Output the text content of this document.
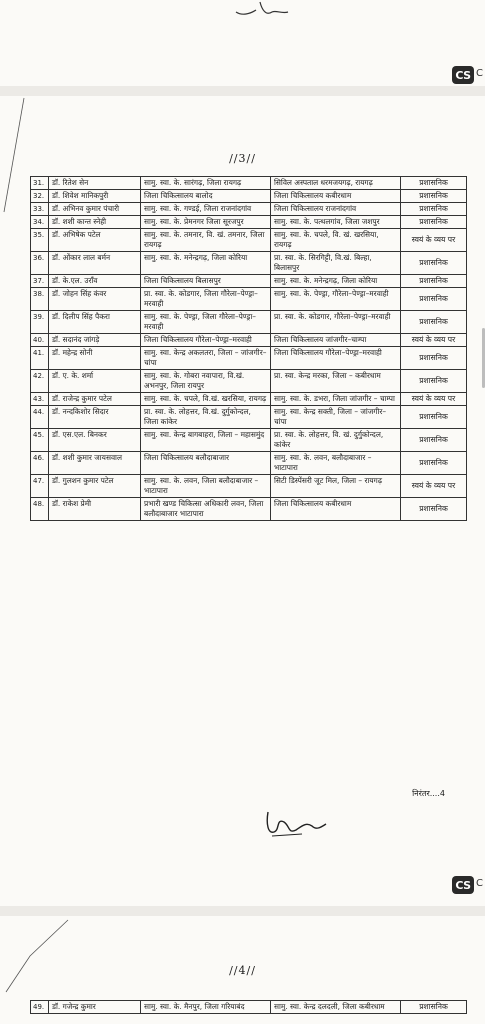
CS C
//3//
31.	डॉ. रितेश सेन	सामु. स्वा. के. सारंगढ़, जिला रायगढ़	सिविल अस्पताल धरमजयगढ़, रायगढ़	प्रशासनिक
32.	डॉ. शिवेश मानिकपुरी	जिला चिकित्सालय बालोद	जिला चिकित्सालय कबीरधाम	प्रशासनिक
33.	डॉ. अभिनव कुमार पंचारी	सामु. स्वा. के. गण्डई, जिला राजनांदगांव	जिला चिकित्सालय राजनांदगांव	प्रशासनिक
34.	डॉ. शशी कान्त स्नेही	सामु. स्वा. के. प्रेमनगर जिला सूरजपुर	सामु. स्वा. के. पत्थलगांव, जिला जशपुर	प्रशासनिक
35.	डॉ. अभिषेक पटेल	सामु. स्वा. के. तमनार, वि. खं. तमनार, जिला रायगढ़	सामु. स्वा. के. चपले, वि. खं. खरसिया, रायगढ़	स्वयं के व्यय पर
36.	डॉ. ओंकार लाल बर्मन	सामु. स्वा. के. मनेन्द्रगढ़, जिला कोरिया	प्रा. स्वा. के. सिरगिट्टी, वि.खं. बिल्हा, बिलासपुर	प्रशासनिक
37.	डॉ. के.एल. उराँव	जिला चिकित्सालय बिलासपुर	सामु. स्वा. के. मनेन्द्रगढ़, जिला कोरिया	प्रशासनिक
38.	डॉ. जोहन सिंह कंवर	प्रा. स्वा. के. कोडगार, जिला गौरेला–पेण्ड्रा–मरवाही	सामु. स्वा. के. पेण्ड्रा, गौरेला–पेण्ड्रा–मरवाही	प्रशासनिक
39.	डॉ. दिलीप सिंह पैकरा	सामु. स्वा. के. पेण्ड्रा, जिला गौरेला–पेण्ड्रा–मरवाही	प्रा. स्वा. के. कोडगार, गौरेला–पेण्ड्रा–मरवाही	प्रशासनिक
40.	डॉ. सदानंद जांगड़े	जिला चिकित्सालय गौरेला–पेण्ड्रा–मरवाही	जिला चिकित्सालय जांजगीर–चाम्पा	स्वयं के व्यय पर
41.	डॉ. महेन्द्र सोनी	सामु. स्वा. केन्द्र अकलतरा, जिला – जांजगीर–चांपा	जिला चिकित्सालय गौरेला–पेण्ड्रा–मरवाही	प्रशासनिक
42.	डॉ. ए. के. शर्मा	सामु. स्वा. के. गोबरा नवापारा, वि.खं. अभनपुर, जिला रायपुर	प्रा. स्वा. केन्द्र मरका, जिला – कबीरधाम	प्रशासनिक
43.	डॉ. राजेन्द्र कुमार पटेल	सामु. स्वा. के. चपले, वि.खं. खरसिया, रायगढ़	सामु. स्वा. के. डभरा, जिला जांजगीर – चाम्पा	स्वयं के व्यय पर
44.	डॉ. नन्दकिशोर सिदार	प्रा. स्वा. के. लोहत्तर, वि.खं. दुर्गुकोन्दल, जिला कांकेर	सामु. स्वा. केन्द्र सक्ती, जिला – जांजगीर–चांपा	प्रशासनिक
45.	डॉ. एस.एल. बिनकर	सामु. स्वा. केन्द्र बागबाहरा, जिला – महासमुंद	प्रा. स्वा. के. लोहत्तर, वि. खं. दुर्गुकोन्दल, कांकेर	प्रशासनिक
46.	डॉ. शशी कुमार जायसवाल	जिला चिकित्सालय बलौदाबाजार	सामु. स्वा. के. लवन, बलौदाबाजार – भाटापारा	प्रशासनिक
47.	डॉ. गुलशन कुमार पटेल	सामु. स्वा. के. लवन, जिला बलौदाबाजार – भाटापारा	सिटी डिस्पेंसरी जूट मिल, जिला – रायगढ़	स्वयं के व्यय पर
48.	डॉ. राकेश प्रेमी	प्रभारी खण्ड चिकित्सा अधिकारी लवन, जिला बलौदाबाजार भाटापारा	जिला चिकित्सालय कबीरधाम	प्रशासनिक
निरंतर....4
CS C
//4//
49.	डॉ. गजेन्द्र कुमार	सामु. स्वा. के. मैनपुर, जिला गरियाबंद	सामु. स्वा. केन्द्र दलदली, जिला कबीरधाम	प्रशासनिक
